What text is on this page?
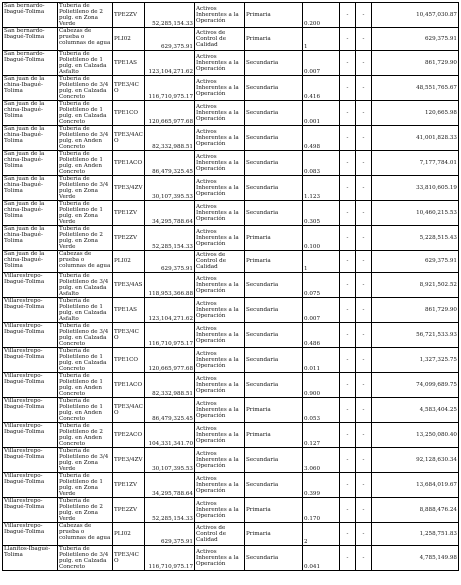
San bernardo-Ibagué-Tolima	Tubería de Polietileno de 2 pulg. en Zona Verde	TPE2ZV	52,285,154.33	Activos Inherentes a la Operación	Primaria	0.200	-	-	10,457,030.87
San bernardo-Ibagué-Tolima	Cabezas de prueba o columnas de agua	PLI02	629,375.91	Activos de Control de Calidad	Primaria	1	-	-	629,375.91
San bernardo-Ibagué-Tolima	Tubería de Polietileno de 1 pulg. en Calzada Asfalto	TPE1AS	123,104,271.62	Activos Inherentes a la Operación	Secundaria	0.007	-	-	861,729.90
San juan de la china-Ibagué-Tolima	Tubería de Polietileno de 3/4 pulg. en Calzada Concreto	TPE3/4CO	116,710,975.17	Activos Inherentes a la Operación	Secundaria	0.416	-	-	48,551,765.67
San juan de la china-Ibagué-Tolima	Tubería de Polietileno de 1 pulg. en Calzada Concreto	TPE1CO	120,665,977.68	Activos Inherentes a la Operación	Secundaria	0.001	-	-	120,665.98
San juan de la china-Ibagué-Tolima	Tubería de Polietileno de 3/4 pulg. en Anden Concreto	TPE3/4ACO	82,332,988.51	Activos Inherentes a la Operación	Secundaria	0.498	-	-	41,001,828.33
San juan de la china-Ibagué-Tolima	Tubería de Polietileno de 1 pulg. en Anden Concreto	TPE1ACO	86,479,325.45	Activos Inherentes a la Operación	Secundaria	0.083	-	-	7,177,784.01
San juan de la china-Ibagué-Tolima	Tubería de Polietileno de 3/4 pulg. en Zona Verde	TPE3/4ZV	30,107,395.53	Activos Inherentes a la Operación	Secundaria	1.123	-	-	33,810,605.19
San juan de la china-Ibagué-Tolima	Tubería de Polietileno de 1 pulg. en Zona Verde	TPE1ZV	34,295,788.64	Activos Inherentes a la Operación	Secundaria	0.305	-	-	10,460,215.53
San juan de la china-Ibagué-Tolima	Tubería de Polietileno de 2 pulg. en Zona Verde	TPE2ZV	52,285,154.33	Activos Inherentes a la Operación	Primaria	0.100	-	-	5,228,515.43
San juan de la china-Ibagué-Tolima	Cabezas de prueba o columnas de agua	PLI02	629,375.91	Activos de Control de Calidad	Primaria	1	-	-	629,375.91
Villarestrepo-Ibagué-Tolima	Tubería de Polietileno de 3/4 pulg. en Calzada Asfalto	TPE3/4AS	118,953,366.88	Activos Inherentes a la Operación	Secundaria	0.075	-	-	8,921,502.52
Villarestrepo-Ibagué-Tolima	Tubería de Polietileno de 1 pulg. en Calzada Asfalto	TPE1AS	123,104,271.62	Activos Inherentes a la Operación	Secundaria	0.007	-	-	861,729.90
Villarestrepo-Ibagué-Tolima	Tubería de Polietileno de 3/4 pulg. en Calzada Concreto	TPE3/4CO	116,710,975.17	Activos Inherentes a la Operación	Secundaria	0.486	-	-	56,721,533.93
Villarestrepo-Ibagué-Tolima	Tubería de Polietileno de 1 pulg. en Calzada Concreto	TPE1CO	120,665,977.68	Activos Inherentes a la Operación	Secundaria	0.011	-	-	1,327,325.75
Villarestrepo-Ibagué-Tolima	Tubería de Polietileno de 1 pulg. en Anden Concreto	TPE1ACO	82,332,988.51	Activos Inherentes a la Operación	Secundaria	0.900	-	-	74,099,689.75
Villarestrepo-Ibagué-Tolima	Tubería de Polietileno de 1 pulg. en Anden Concreto	TPE3/4ACO	86,479,325.45	Activos Inherentes a la Operación	Primaria	0.053	-	-	4,583,404.25
Villarestrepo-Ibagué-Tolima	Tubería de Polietileno de 2 pulg. en Anden Concreto	TPE2ACO	104,331,341.70	Activos Inherentes a la Operación	Primaria	0.127	-	-	13,250,080.40
Villarestrepo-Ibagué-Tolima	Tubería de Polietileno de 3/4 pulg. en Zona Verde	TPE3/4ZV	30,107,395.53	Activos Inherentes a la Operación	Secundaria	3.060	-	-	92,128,630.34
Villarestrepo-Ibagué-Tolima	Tubería de Polietileno de 1 pulg. en Zona Verde	TPE1ZV	34,295,788.64	Activos Inherentes a la Operación	Secundaria	0.399	-	-	13,684,019.67
Villarestrepo-Ibagué-Tolima	Tubería de Polietileno de 2 pulg. en Zona Verde	TPE2ZV	52,285,154.33	Activos Inherentes a la Operación	Primaria	0.170	-	-	8,888,476.24
Villarestrepo-Ibagué-Tolima	Cabezas de prueba o columnas de agua	PLI02	629,375.91	Activos de Control de Calidad	Primaria	2	-	-	1,258,751.83
Llanitos-Ibagué-Tolima	Tubería de Polietileno de 3/4 pulg. en Calzada Concreto	TPE3/4CO	116,710,975.17	Activos Inherentes a la Operación	Secundaria	0.041	-	-	4,785,149.98
